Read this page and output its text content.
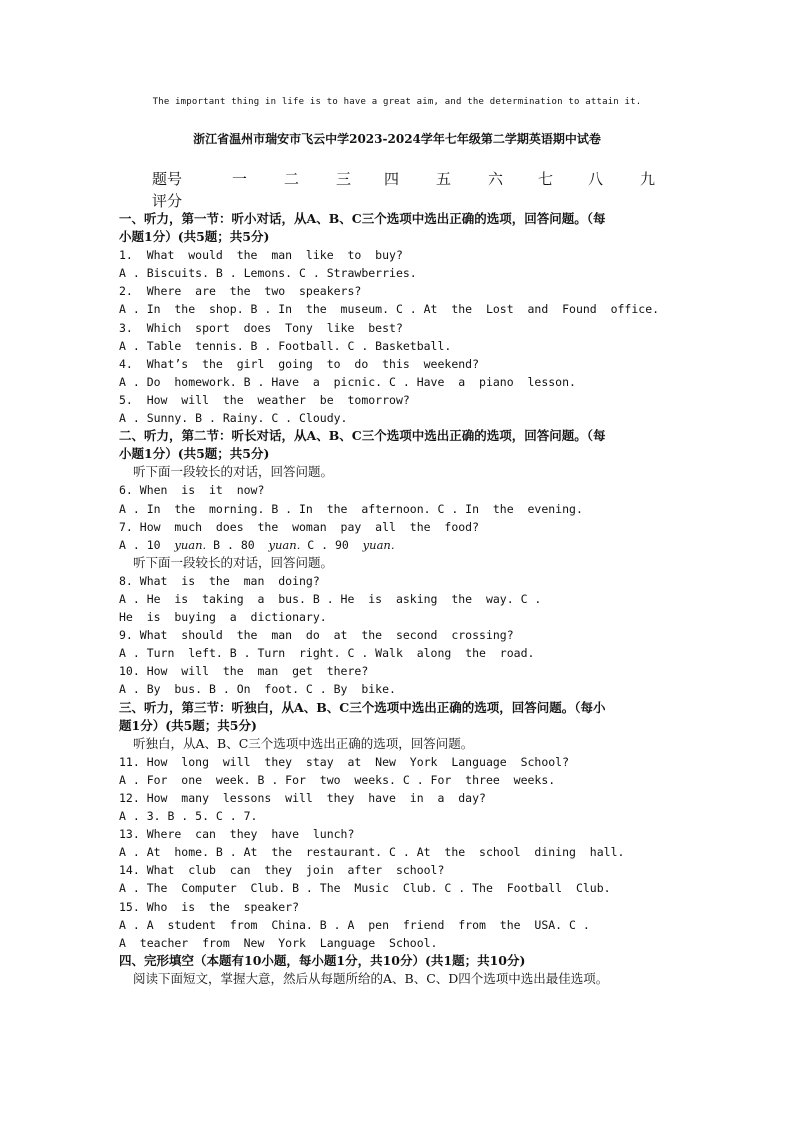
The important thing in life is to have a great aim, and the determination to attain it.
浙江省温州市瑞安市飞云中学2023-2024学年七年级第二学期英语期中试卷
题号	一 二 三 四 五 六 七 八 九
评分
一、听力，第一节：听小对话，从A、B、C三个选项中选出正确的选项，回答问题。（每
小题1分）(共5题；共5分)
1.  What  would  the  man  like  to  buy?
A . Biscuits. B . Lemons. C . Strawberries.
2.  Where  are  the  two  speakers?
A . In  the  shop. B . In  the  museum. C . At  the  Lost  and  Found  office.
3.  Which  sport  does  Tony  like  best?
A . Table  tennis. B . Football. C . Basketball.
4.  What’s  the  girl  going  to  do  this  weekend?
A . Do  homework. B . Have  a  picnic. C . Have  a  piano  lesson.
5.  How  will  the  weather  be  tomorrow?
A . Sunny. B . Rainy. C . Cloudy.
二、听力，第二节：听长对话，从A、B、C三个选项中选出正确的选项，回答问题。（每
小题1分）(共5题；共5分)
听下面一段较长的对话，回答问题。
6. When  is  it  now?
A . In  the  morning. B . In  the  afternoon. C . In  the  evening.
7. How  much  does  the  woman  pay  all  the  food?
A . 10  yuan. B . 80  yuan. C . 90  yuan.
听下面一段较长的对话，回答问题。
8. What  is  the  man  doing?
A . He  is  taking  a  bus. B . He  is  asking  the  way. C .
He  is  buying  a  dictionary.
9. What  should  the  man  do  at  the  second  crossing?
A . Turn  left. B . Turn  right. C . Walk  along  the  road.
10. How  will  the  man  get  there?
A . By  bus. B . On  foot. C . By  bike.
三、听力，第三节：听独白，从A、B、C三个选项中选出正确的选项，回答问题。（每小
题1分）(共5题；共5分)
听独白，从A、B、C三个选项中选出正确的选项，回答问题。
11. How  long  will  they  stay  at  New  York  Language  School?
A . For  one  week. B . For  two  weeks. C . For  three  weeks.
12. How  many  lessons  will  they  have  in  a  day?
A . 3. B . 5. C . 7.
13. Where  can  they  have  lunch?
A . At  home. B . At  the  restaurant. C . At  the  school  dining  hall.
14. What  club  can  they  join  after  school?
A . The  Computer  Club. B . The  Music  Club. C . The  Football  Club.
15. Who  is  the  speaker?
A . A  student  from  China. B . A  pen  friend  from  the  USA. C .
A  teacher  from  New  York  Language  School.
四、完形填空（本题有10小题，每小题1分，共10分）(共1题；共10分)
阅读下面短文，掌握大意，然后从每题所给的A、B、C、D四个选项中选出最佳选项。
